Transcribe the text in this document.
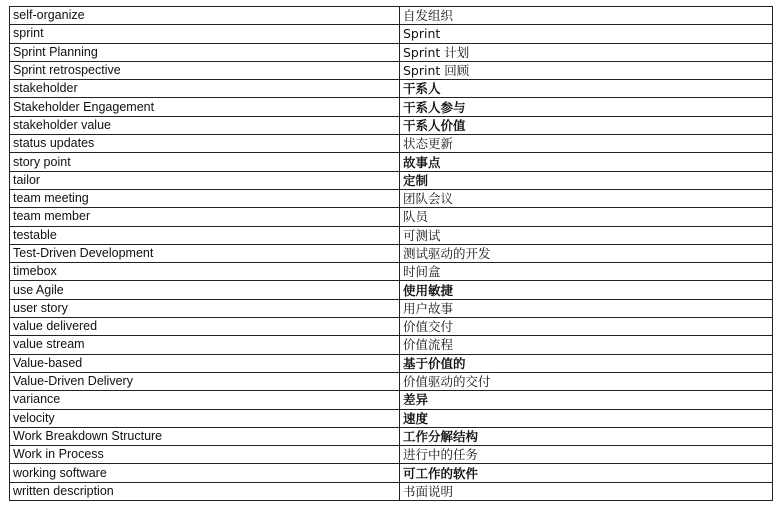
self-organize	自发组织
sprint	Sprint
Sprint Planning	Sprint 计划
Sprint retrospective	Sprint 回顾
stakeholder	干系人
Stakeholder Engagement	干系人参与
stakeholder value	干系人价值
status updates	状态更新
story point	故事点
tailor	定制
team meeting	团队会议
team member	队员
testable	可测试
Test-Driven Development	测试驱动的开发
timebox	时间盒
use Agile	使用敏捷
user story	用户故事
value delivered	价值交付
value stream	价值流程
Value-based	基于价值的
Value-Driven Delivery	价值驱动的交付
variance	差异
velocity	速度
Work Breakdown Structure	工作分解结构
Work in Process	进行中的任务
working software	可工作的软件
written description	书面说明
